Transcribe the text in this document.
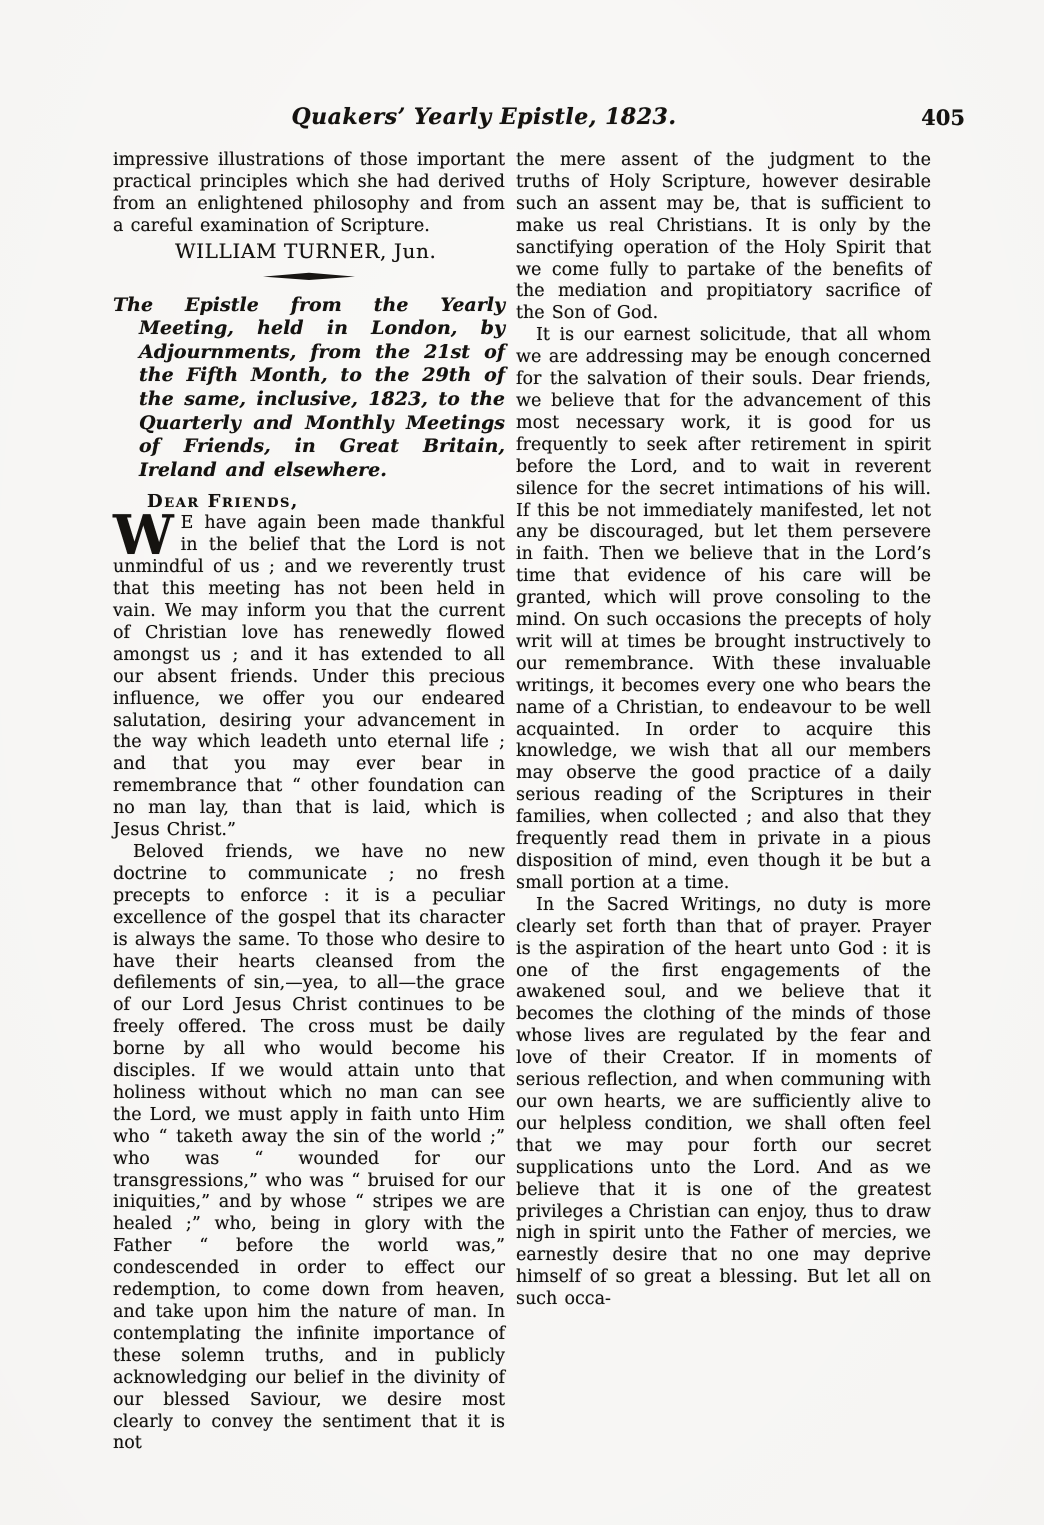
Quakers’ Yearly Epistle, 1823.	405

impressive illustrations of those important practical principles which she had derived from an enlightened philosophy and from a careful examination of Scripture.

WILLIAM TURNER, Jun.

The Epistle from the Yearly Meeting, held in London, by Adjournments, from the 21st of the Fifth Month, to the 29th of the same, inclusive, 1823, to the Quarterly and Monthly Meetings of Friends, in Great Britain, Ireland and elsewhere.

Dear Friends,

W E have again been made thankful in the belief that the Lord is not unmindful of us ; and we reverently trust that this meeting has not been held in vain. We may inform you that the current of Christian love has renewedly flowed amongst us ; and it has extended to all our absent friends. Under this precious influence, we offer you our endeared salutation, desiring your advancement in the way which leadeth unto eternal life ; and that you may ever bear in remembrance that “ other foundation can no man lay, than that is laid, which is Jesus Christ.”

Beloved friends, we have no new doctrine to communicate ; no fresh precepts to enforce : it is a peculiar excellence of the gospel that its character is always the same. To those who desire to have their hearts cleansed from the defilements of sin,—yea, to all—the grace of our Lord Jesus Christ continues to be freely offered. The cross must be daily borne by all who would become his disciples. If we would attain unto that holiness without which no man can see the Lord, we must apply in faith unto Him who “ taketh away the sin of the world ;” who was “ wounded for our transgressions,” who was “ bruised for our iniquities,” and by whose “ stripes we are healed ;” who, being in glory with the Father “ before the world was,” condescended in order to effect our redemption, to come down from heaven, and take upon him the nature of man. In contemplating the infinite importance of these solemn truths, and in publicly acknowledging our belief in the divinity of our blessed Saviour, we desire most clearly to convey the sentiment that it is not

the mere assent of the judgment to the truths of Holy Scripture, however desirable such an assent may be, that is sufficient to make us real Christians. It is only by the sanctifying operation of the Holy Spirit that we come fully to partake of the benefits of the mediation and propitiatory sacrifice of the Son of God.

It is our earnest solicitude, that all whom we are addressing may be enough concerned for the salvation of their souls. Dear friends, we believe that for the advancement of this most necessary work, it is good for us frequently to seek after retirement in spirit before the Lord, and to wait in reverent silence for the secret intimations of his will. If this be not immediately manifested, let not any be discouraged, but let them persevere in faith. Then we believe that in the Lord’s time that evidence of his care will be granted, which will prove consoling to the mind. On such occasions the precepts of holy writ will at times be brought instructively to our remembrance. With these invaluable writings, it becomes every one who bears the name of a Christian, to endeavour to be well acquainted. In order to acquire this knowledge, we wish that all our members may observe the good practice of a daily serious reading of the Scriptures in their families, when collected ; and also that they frequently read them in private in a pious disposition of mind, even though it be but a small portion at a time.

In the Sacred Writings, no duty is more clearly set forth than that of prayer. Prayer is the aspiration of the heart unto God : it is one of the first engagements of the awakened soul, and we believe that it becomes the clothing of the minds of those whose lives are regulated by the fear and love of their Creator. If in moments of serious reflection, and when communing with our own hearts, we are sufficiently alive to our helpless condition, we shall often feel that we may pour forth our secret supplications unto the Lord. And as we believe that it is one of the greatest privileges a Christian can enjoy, thus to draw nigh in spirit unto the Father of mercies, we earnestly desire that no one may deprive himself of so great a blessing. But let all on such occa-
